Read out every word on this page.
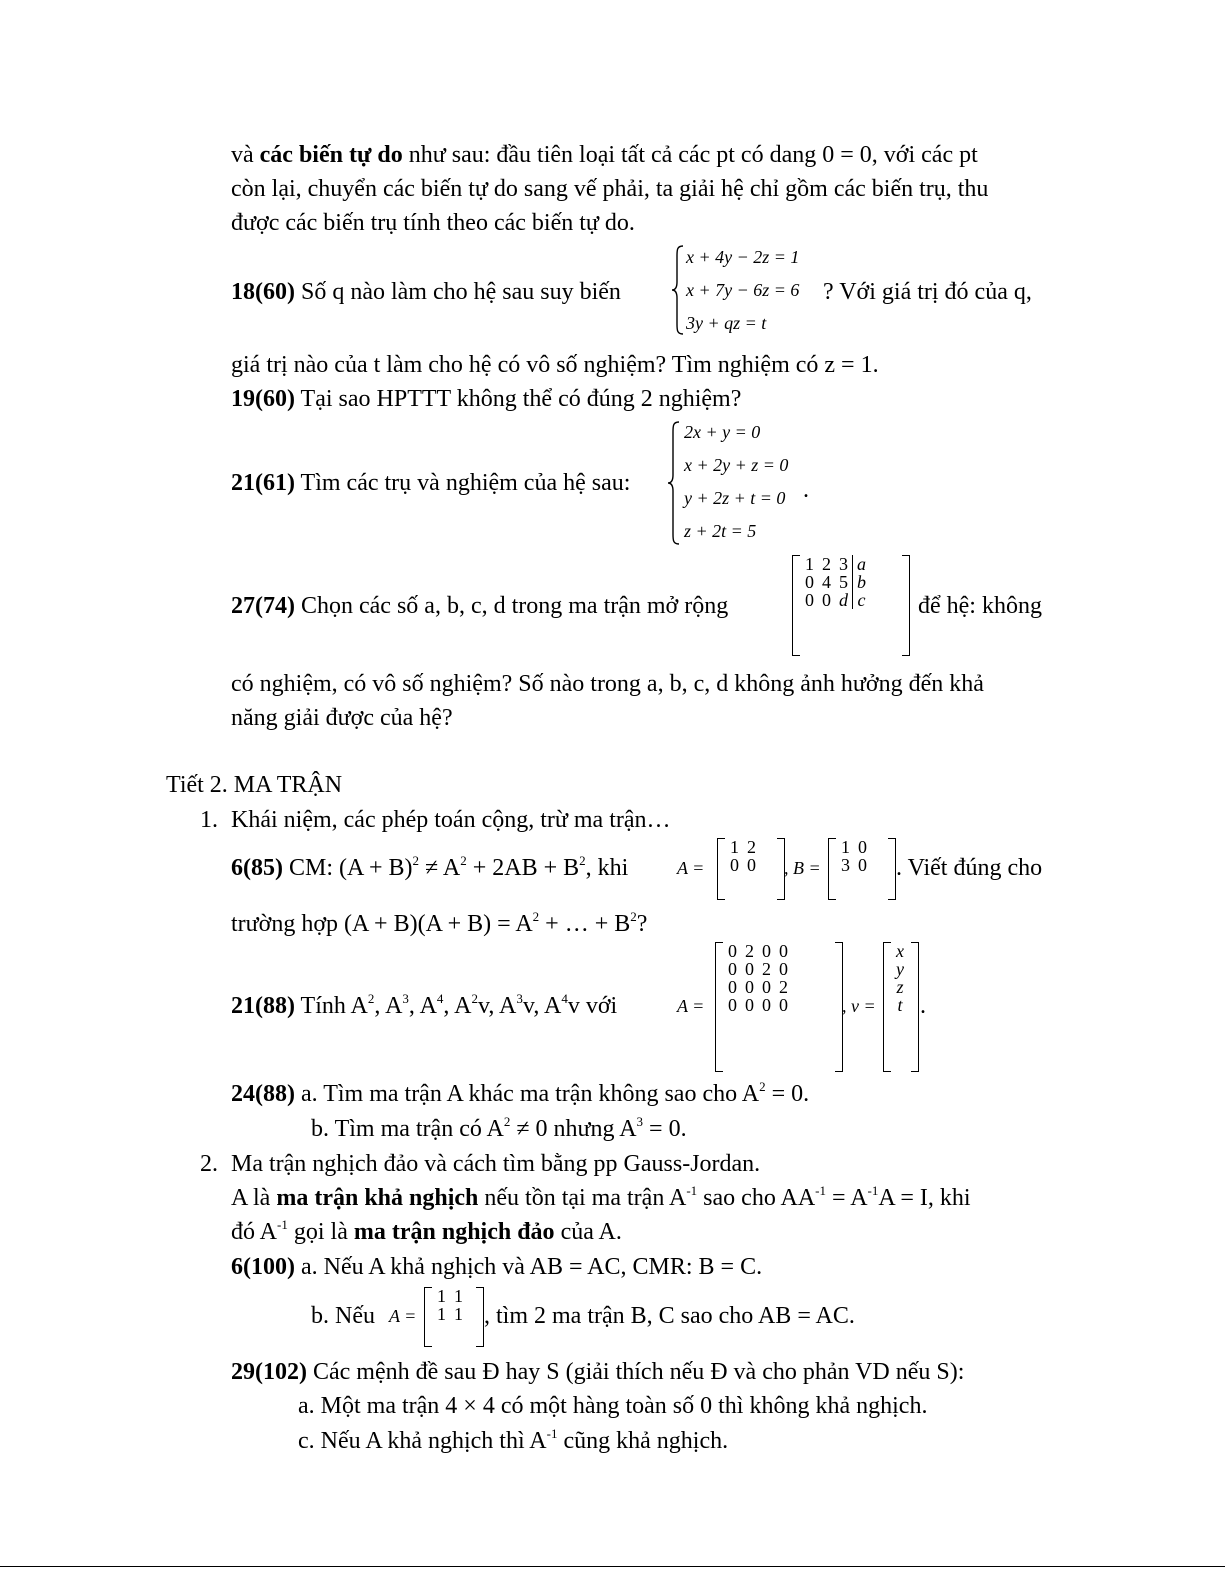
và các biến tự do như sau: đầu tiên loại tất cả các pt có dang 0 = 0, với các pt
còn lại, chuyển các biến tự do sang vế phải, ta giải hệ chỉ gồm các biến trụ, thu
được các biến trụ tính theo các biến tự do.
18(60) Số q nào làm cho hệ sau suy biến
x + 4y − 2z = 1
x + 7y − 6z = 6
3y + qz = t
? Với giá trị đó của q,
giá trị nào của t làm cho hệ có vô số nghiệm? Tìm nghiệm có z = 1.
19(60) Tại sao HPTTT không thể có đúng 2 nghiệm?
21(61) Tìm các trụ và nghiệm của hệ sau:
2x + y = 0
x + 2y + z = 0
y + 2z + t = 0
z + 2t = 5
.
27(74) Chọn các số a, b, c, d trong ma trận mở rộng
1	2	3		a
0	4	5		b
0	0	d		c để hệ: không
có nghiệm, có vô số nghiệm? Số nào trong a, b, c, d không ảnh hưởng đến khả
năng giải được của hệ?
Tiết 2. MA TRẬN
1. Khái niệm, các phép toán cộng, trừ ma trận…
6(85) CM: $(A + B)^2 \ne A^2 + 2AB + B^2$, khi	A =
1	2
0	0 , B =
1	0
3	0 . Viết đúng cho
trường hợp $(A + B)(A + B) = A^2$ + … + $B^2$?
21(88) Tính $A^2$, $A^3$, $A^4$, $A^2v$, $A^3v$, $A^4v$ với	A =
0	2	0	0
0	0	2	0
0	0	0	2
0	0	0	0	, v =
x
y
z
t .
24(88) a. Tìm ma trận A khác ma trận không sao cho $A^2 = 0$.
b. Tìm ma trận có $A^2 \ne 0$ nhưng $A^3 = 0$.
2. Ma trận nghịch đảo và cách tìm bằng pp Gauss-Jordan.
A là ma trận khả nghịch nếu tồn tại ma trận $A^{-1}$ sao cho $AA^{-1} = A^{-1}A = I$, khi
đó $A^{-1}$ gọi là ma trận nghịch đảo của A.
6(100) a. Nếu A khả nghịch và AB = AC, CMR: B = C.
b. Nếu A =
1	1
1	1 , tìm 2 ma trận B, C sao cho AB = AC.
29(102) Các mệnh đề sau Đ hay S (giải thích nếu Đ và cho phản VD nếu S):
a. Một ma trận 4 × 4 có một hàng toàn số 0 thì không khả nghịch.
c. Nếu A khả nghịch thì $A^{-1}$ cũng khả nghịch.
